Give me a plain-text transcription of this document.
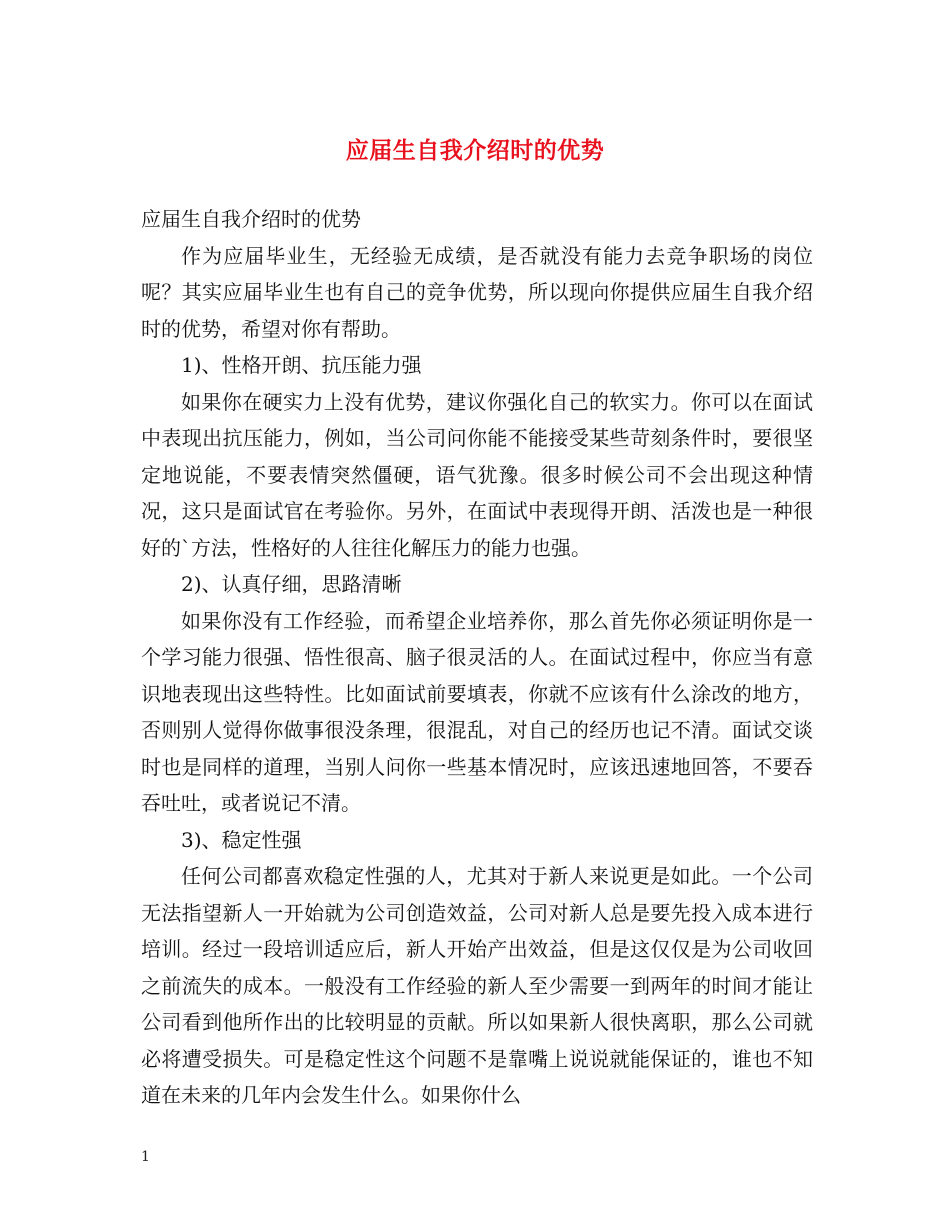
应届生自我介绍时的优势

应届生自我介绍时的优势

作为应届毕业生，无经验无成绩，是否就没有能力去竞争职场的岗位呢？其实应届毕业生也有自己的竞争优势，所以现向你提供应届生自我介绍时的优势，希望对你有帮助。

1)、性格开朗、抗压能力强

如果你在硬实力上没有优势，建议你强化自己的软实力。你可以在面试中表现出抗压能力，例如，当公司问你能不能接受某些苛刻条件时，要很坚定地说能，不要表情突然僵硬，语气犹豫。很多时候公司不会出现这种情况，这只是面试官在考验你。另外，在面试中表现得开朗、活泼也是一种很好的`方法，性格好的人往往化解压力的能力也强。

2)、认真仔细，思路清晰

如果你没有工作经验，而希望企业培养你，那么首先你必须证明你是一个学习能力很强、悟性很高、脑子很灵活的人。在面试过程中，你应当有意识地表现出这些特性。比如面试前要填表，你就不应该有什么涂改的地方，否则别人觉得你做事很没条理，很混乱，对自己的经历也记不清。面试交谈时也是同样的道理，当别人问你一些基本情况时，应该迅速地回答，不要吞吞吐吐，或者说记不清。

3)、稳定性强

任何公司都喜欢稳定性强的人，尤其对于新人来说更是如此。一个公司无法指望新人一开始就为公司创造效益，公司对新人总是要先投入成本进行培训。经过一段培训适应后，新人开始产出效益，但是这仅仅是为公司收回之前流失的成本。一般没有工作经验的新人至少需要一到两年的时间才能让公司看到他所作出的比较明显的贡献。所以如果新人很快离职，那么公司就必将遭受损失。可是稳定性这个问题不是靠嘴上说说就能保证的，谁也不知道在未来的几年内会发生什么。如果你什么

1
